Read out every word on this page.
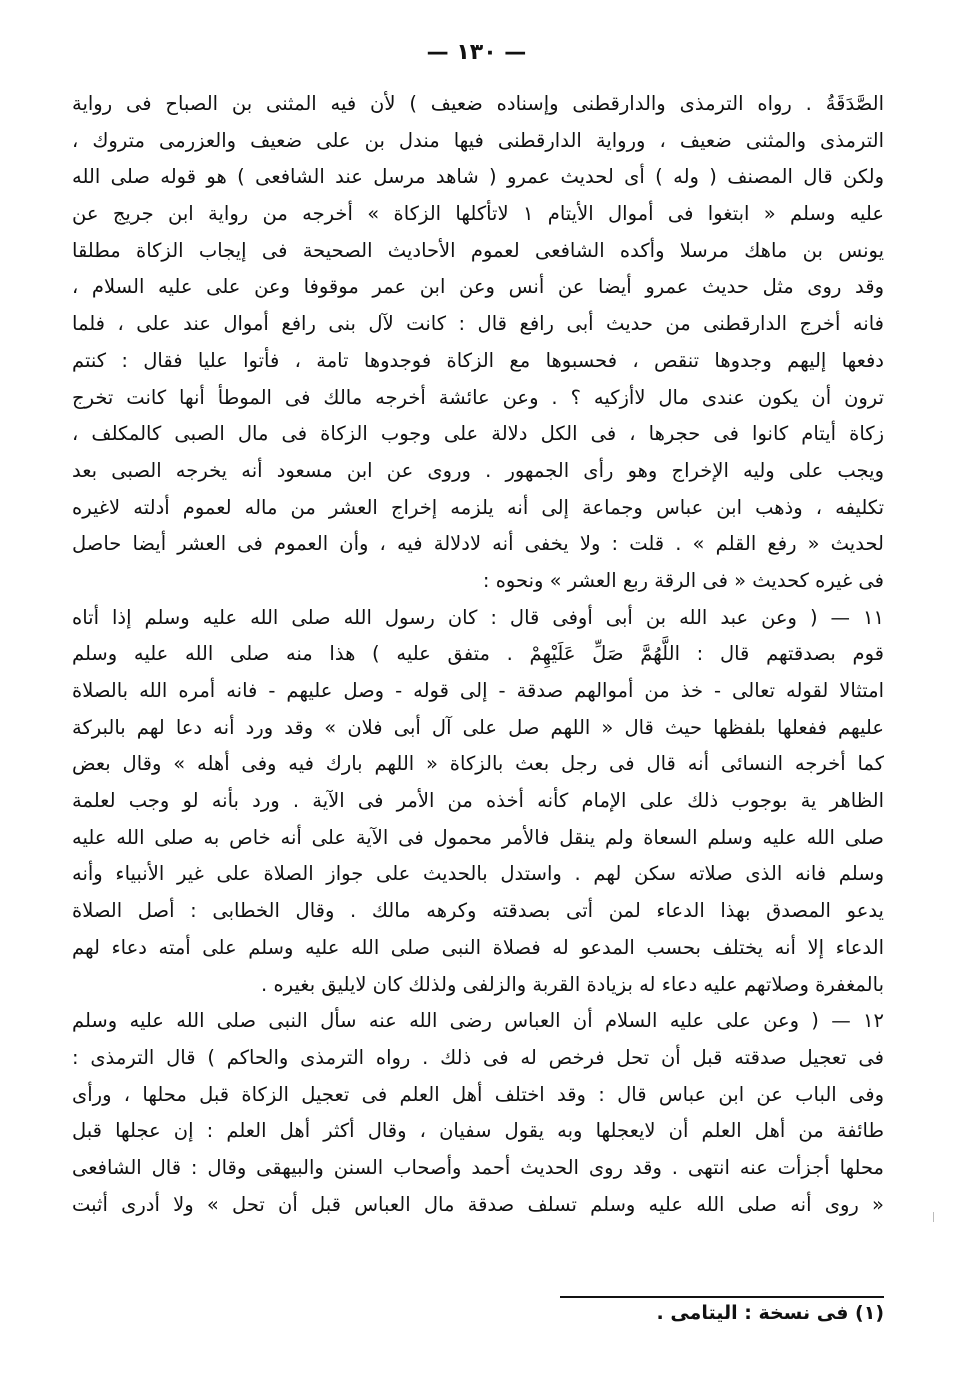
— ١٣٠ —
الصَّدَقَةُ . رواه الترمذى والدارقطنى وإسناده ضعيف ) لأن فيه المثنى بن الصباح فى رواية
الترمذى والمثنى ضعيف ، ورواية الدارقطنى فيها مندل بن على ضعيف والعزرمى متروك ،
ولكن قال المصنف ( وله ) أى لحديث عمرو ( شاهد مرسل عند الشافعى ) هو قوله صلى الله
عليه وسلم « ابتغوا فى أموال الأيتام ١ لاتأكلها الزكاة » أخرجه من رواية ابن جريج عن
يونس بن ماهك مرسلا وأكده الشافعى لعموم الأحاديث الصحيحة فى إيجاب الزكاة مطلقا
وقد روى مثل حديث عمرو أيضا عن أنس وعن ابن عمر موقوفا وعن على عليه السلام ،
فانه أخرج الدارقطنى من حديث أبى رافع قال : كانت لآل بنى رافع أموال عند على ، فلما
دفعها إليهم وجدوها تنقص ، فحسبوها مع الزكاة فوجدوها تامة ، فأتوا عليا فقال : كنتم
ترون أن يكون عندى مال لاأزكيه ؟ . وعن عائشة أخرجه مالك فى الموطأ أنها كانت تخرج
زكاة أيتام كانوا فى حجرها ، فى الكل دلالة على وجوب الزكاة فى مال الصبى كالمكلف ،
ويجب على وليه الإخراج وهو رأى الجمهور . وروى عن ابن مسعود أنه يخرجه الصبى بعد
تكليفه ، وذهب ابن عباس وجماعة إلى أنه يلزمه إخراج العشر من ماله لعموم أدلته لاغيره
لحديث « رفع القلم » . قلت : ولا يخفى أنه لادلالة فيه ، وأن العموم فى العشر أيضا حاصل
فى غيره كحديث « فى الرقة ربع العشر » ونحوه :
١١ — ( وعن عبد الله بن أبى أوفى قال : كان رسول الله صلى الله عليه وسلم إذا أتاه
قوم بصدقتهم قال : اللَّهُمَّ صَلِّ عَلَيْهِمْ . متفق عليه ) هذا منه صلى الله عليه وسلم
امتثالا لقوله تعالى - خذ من أموالهم صدقة - إلى قوله - وصل عليهم - فانه أمره الله بالصلاة
عليهم ففعلها بلفظها حيث قال « اللهم صل على آل أبى فلان » وقد ورد أنه دعا لهم بالبركة
كما أخرجه النسائى أنه قال فى رجل بعث بالزكاة « اللهم بارك فيه وفى أهله » وقال بعض
الظاهر ية بوجوب ذلك على الإمام كأنه أخذه من الأمر فى الآية . ورد بأنه لو وجب لعلمة
صلى الله عليه وسلم السعاة ولم ينقل فالأمر محمول فى الآية على أنه خاص به صلى الله عليه
وسلم فانه الذى صلاته سكن لهم . واستدل بالحديث على جواز الصلاة على غير الأنبياء وأنه
يدعو المصدق بهذا الدعاء لمن أتى بصدقته وكرهه مالك . وقال الخطابى : أصل الصلاة
الدعاء إلا أنه يختلف بحسب المدعو له فصلاة النبى صلى الله عليه وسلم على أمته دعاء لهم
بالمغفرة وصلاتهم عليه دعاء له بزيادة القربة والزلفى ولذلك كان لايليق بغيره .
١٢ — ( وعن على عليه السلام أن العباس رضى الله عنه سأل النبى صلى الله عليه وسلم
فى تعجيل صدقته قبل أن تحل فرخص له فى ذلك . رواه الترمذى والحاكم ) قال الترمذى :
وفى الباب عن ابن عباس قال : وقد اختلف أهل العلم فى تعجيل الزكاة قبل محلها ، ورأى
طائفة من أهل العلم أن لايعجلها وبه يقول سفيان ، وقال أكثر أهل العلم : إن عجلها قبل
محلها أجزأت عنه انتهى . وقد روى الحديث أحمد وأصحاب السنن والبيهقى وقال : قال الشافعى
« روى أنه صلى الله عليه وسلم تسلف صدقة مال العباس قبل أن تحل » ولا أدرى أثبت
(١) فى نسخة : اليتامى .
